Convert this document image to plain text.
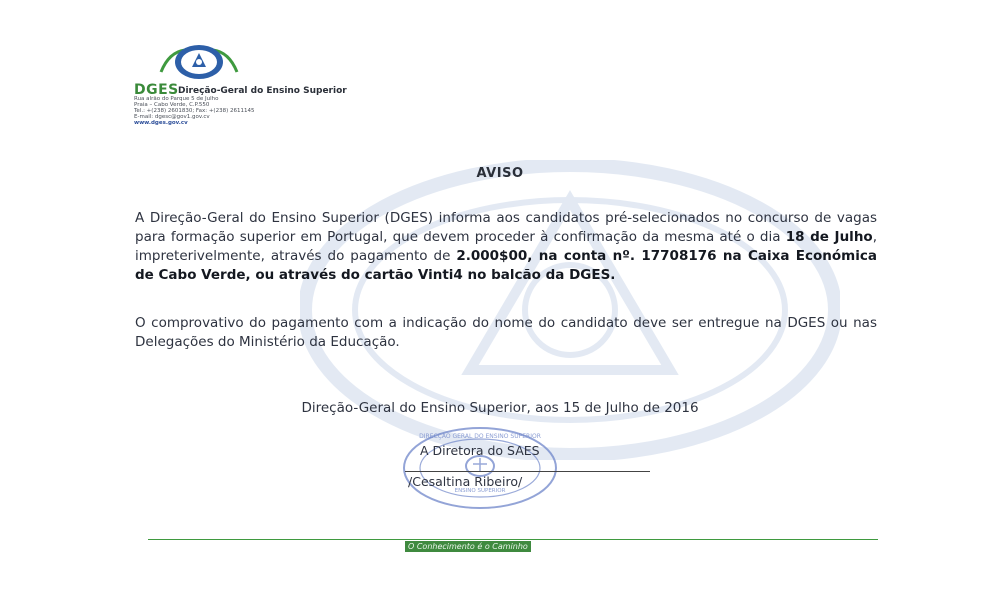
DGES Direção-Geral do Ensino Superior
Rua alrão do Parque 5 de Julho
Praia – Cabo Verde, C.P.550
Tel.: +(238) 2601830; Fax: +(238) 2611145
E-mail: dgesc@gov1.gov.cv
www.dges.gov.cv
AVISO
A Direção-Geral do Ensino Superior (DGES) informa aos candidatos pré-selecionados no concurso de vagas para formação superior em Portugal, que devem proceder à confirmação da mesma até o dia 18 de Julho, impreterivelmente, através do pagamento de 2.000$00, na conta nº. 17708176 na Caixa Económica de Cabo Verde, ou através do cartão Vinti4 no balcão da DGES.
O comprovativo do pagamento com a indicação do nome do candidato deve ser entregue na DGES ou nas Delegações do Ministério da Educação.
Direção-Geral do Ensino Superior, aos 15 de Julho de 2016
DIRECÇÃO GERAL DO ENSINO SUPERIOR
ENSINO SUPERIOR
A Diretora do SAES
/Cesaltina Ribeiro/
O Conhecimento é o Caminho
